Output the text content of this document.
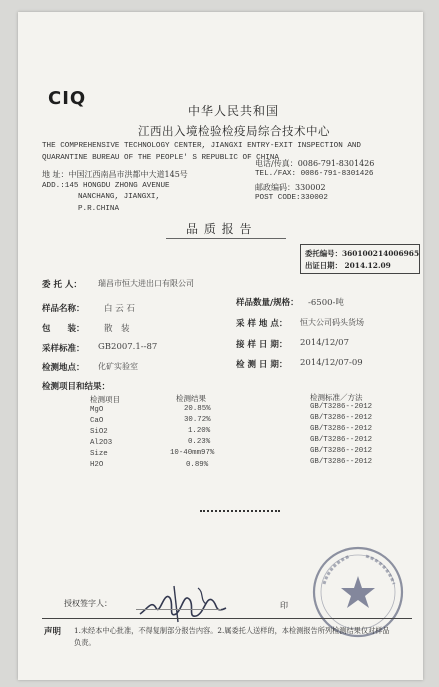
CIQ
中华人民共和国
江西出入境检验检疫局综合技术中心
THE COMPREHENSIVE TECHNOLOGY CENTER, JIANGXI ENTRY-EXIT INSPECTION AND
QUARANTINE BUREAU OF THE PEOPLE' S REPUBLIC OF CHINA
地 址：中国江西南昌市洪都中大道145号
ADD.:145 HONGDU ZHONG AVENUE
NANCHANG, JIANGXI,
P.R.CHINA
电话/传真：0086-791-8301426
TEL./FAX: 0086-791-8301426
邮政编码：330002
POST CODE:330002
品 质 报 告
委托编号：360100214006965
出证日期： 2014.12.09
委 托 人： 瑞昌市恒大进出口有限公司
样品名称： 白 云 石
样品数量/规格： -6500-吨
包　　装： 散　装	采 样 地 点： 恒大公司码头货场
采样标准： GB2007.1--87	接 样 日 期： 2014/12/07
检测地点： 化矿实验室	检 测 日 期： 2014/12/07-09
检测项目和结果：
检测项目	检测结果	检测标准／方法
MgO	20.85%	GB/T3286--2012
CaO	30.72%	GB/T3286--2012
SiO2	1.20%	GB/T3286--2012
Al2O3	0.23%	GB/T3286--2012
Size	10-40mm97%	GB/T3286--2012
H2O	0.89%	GB/T3286--2012
授权签字人：	印
声明 1.未经本中心批准，不得复制部分报告内容。2.属委托人送样的，本检测报告所列检测结果仅对样品
负责。
